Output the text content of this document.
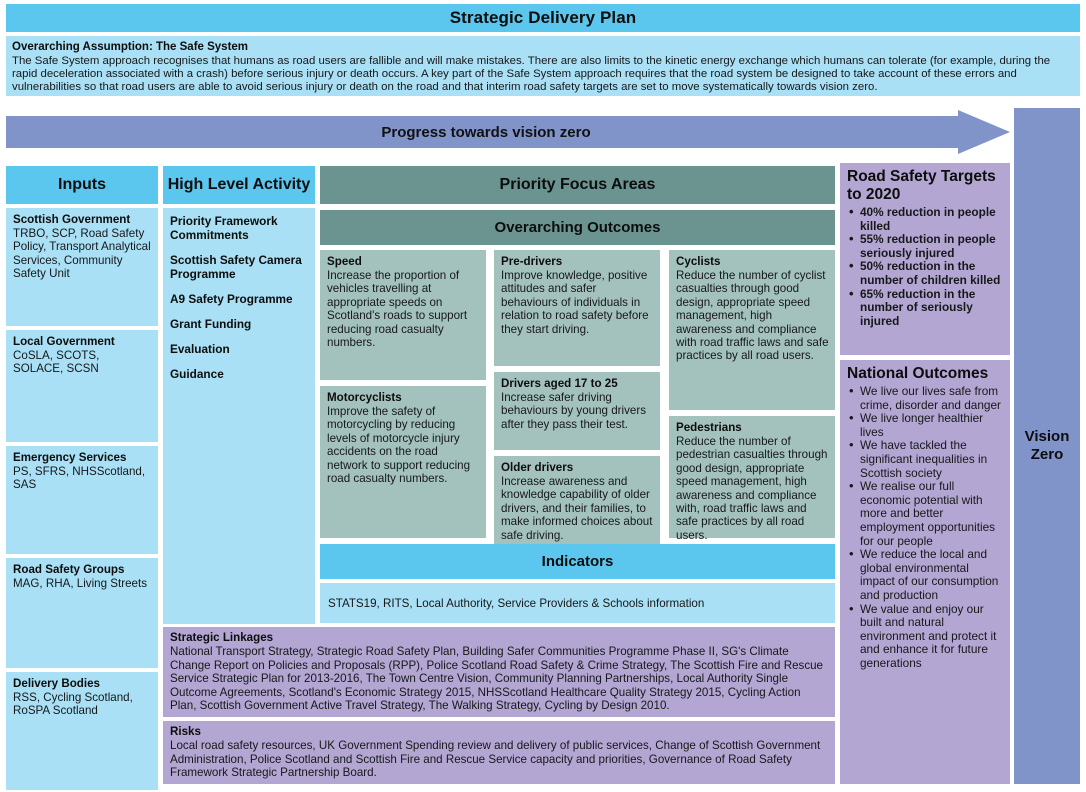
Strategic Delivery Plan
Overarching Assumption: The Safe System
The Safe System approach recognises that humans as road users are fallible and will make mistakes. There are also limits to the kinetic energy exchange which humans can tolerate (for example, during the rapid deceleration associated with a crash) before serious injury or death occurs. A key part of the Safe System approach requires that the road system be designed to take account of these errors and vulnerabilities so that road users are able to avoid serious injury or death on the road and that interim road safety targets are set to move systematically towards vision zero.
Progress towards vision zero
Vision
Zero
Inputs	High Level Activity	Priority Focus Areas	Road Safety Targets to 2020
• 40% reduction in people killed
• 55% reduction in people seriously injured
• 50% reduction in the number of children killed
• 65% reduction in the number of seriously injured
Scottish Government
TRBO, SCP, Road Safety Policy, Transport Analytical Services, Community Safety Unit
Local Government
CoSLA, SCOTS, SOLACE, SCSN
Emergency Services
PS, SFRS, NHSScotland, SAS
Road Safety Groups
MAG, RHA, Living Streets
Delivery Bodies
RSS, Cycling Scotland, RoSPA Scotland
Priority Framework Commitments
Scottish Safety Camera Programme
A9 Safety Programme
Grant Funding
Evaluation
Guidance
Overarching Outcomes
Speed
Increase the proportion of vehicles travelling at appropriate speeds on Scotland's roads to support reducing road casualty numbers.
Motorcyclists
Improve the safety of motorcycling by reducing levels of motorcycle injury accidents on the road network to support reducing road casualty numbers.
Pre-drivers
Improve knowledge, positive attitudes and safer behaviours of individuals in relation to road safety before they start driving.
Drivers aged 17 to 25
Increase safer driving behaviours by young drivers after they pass their test.
Older drivers
Increase awareness and knowledge capability of older drivers, and their families, to make informed choices about safe driving.
Cyclists
Reduce the number of cyclist casualties through good design, appropriate speed management, high awareness and compliance with road traffic laws and safe practices by all road users.
Pedestrians
Reduce the number of pedestrian casualties through good design, appropriate speed management, high awareness and compliance with, road traffic laws and safe practices by all road users.
Indicators
STATS19, RITS, Local Authority, Service Providers & Schools information
Strategic Linkages
National Transport Strategy, Strategic Road Safety Plan, Building Safer Communities Programme Phase II, SG's Climate Change Report on Policies and Proposals (RPP), Police Scotland Road Safety & Crime Strategy, The Scottish Fire and Rescue Service Strategic Plan for 2013-2016, The Town Centre Vision, Community Planning Partnerships, Local Authority Single Outcome Agreements, Scotland's Economic Strategy 2015, NHSScotland Healthcare Quality Strategy 2015, Cycling Action Plan, Scottish Government Active Travel Strategy, The Walking Strategy, Cycling by Design 2010.
Risks
Local road safety resources, UK Government Spending review and delivery of public services, Change of Scottish Government Administration, Police Scotland and Scottish Fire and Rescue Service capacity and priorities, Governance of Road Safety Framework Strategic Partnership Board.
National Outcomes
• We live our lives safe from crime, disorder and danger
• We live longer healthier lives
• We have tackled the significant inequalities in Scottish society
• We realise our full economic potential with more and better employment opportunities for our people
• We reduce the local and global environmental impact of our consumption and production
• We value and enjoy our built and natural environment and protect it and enhance it for future generations
